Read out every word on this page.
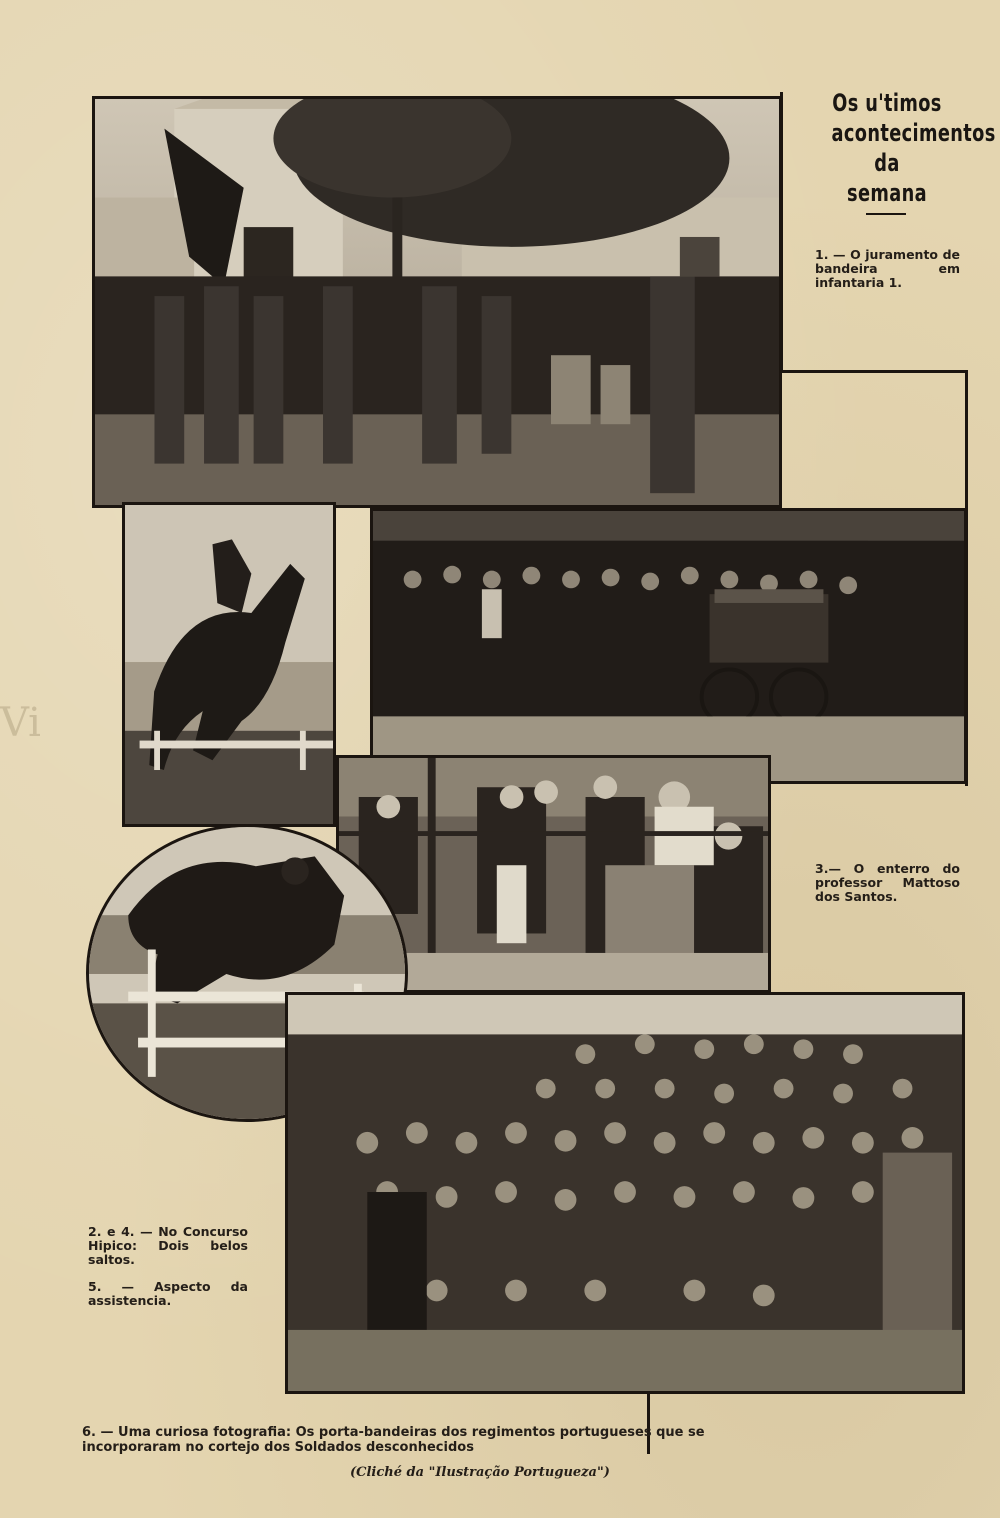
Vi
Os u'timos
acontecimentos
da semana
1. — O juramento de bandeira em infantaria 1.
3.— O enterro do professor Mattoso dos Santos.
2. e 4. — No Concurso Hipico: Dois belos saltos.
5. — Aspecto da assistencia.
6. — Uma curiosa fotografia: Os porta-bandeiras dos regimentos portugueses que se incorporaram no cortejo dos Soldados desconhecidos
(Cliché da "Ilustração Portugueza")
